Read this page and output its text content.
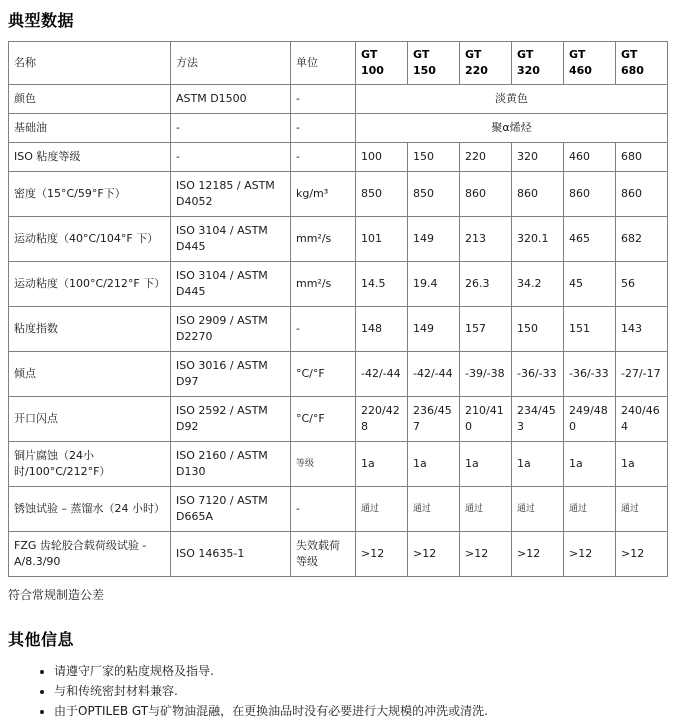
典型数据
名称	方法	单位	GT 100	GT 150	GT 220	GT 320	GT 460	GT 680
颜色	ASTM D1500	-	淡黄色					
基础油	-	-	聚α烯烃					
ISO 粘度等级	-	-	100	150	220	320	460	680
密度（15°C/59°F下）	ISO 12185 / ASTM D4052	kg/m³	850	850	860	860	860	860
运动粘度（40°C/104°F 下）	ISO 3104 / ASTM D445	mm²/s	101	149	213	320.1	465	682
运动粘度（100°C/212°F 下）	ISO 3104 / ASTM D445	mm²/s	14.5	19.4	26.3	34.2	45	56
粘度指数	ISO 2909 / ASTM D2270	-	148	149	157	150	151	143
倾点	ISO 3016 / ASTM D97	°C/°F	-42/-44	-42/-44	-39/-38	-36/-33	-36/-33	-27/-17
开口闪点	ISO 2592 / ASTM D92	°C/°F	220/428	236/457	210/410	234/453	249/480	240/464
铜片腐蚀（24小时/100°C/212°F）	ISO 2160 / ASTM D130	等级	1a	1a	1a	1a	1a	1a
锈蚀试验 – 蒸馏水（24 小时）	ISO 7120 / ASTM D665A	-	通过	通过	通过	通过	通过	通过
FZG 齿轮胶合载荷级试验 - A/8.3/90	ISO 14635-1	失效载荷等级	>12	>12	>12	>12	>12	>12
符合常规制造公差
其他信息
• 请遵守厂家的粘度规格及指导.
• 与和传统密封材料兼容.
• 由于OPTILEB GT与矿物油混融，在更换油品时没有必要进行大规模的冲洗或清洗.
